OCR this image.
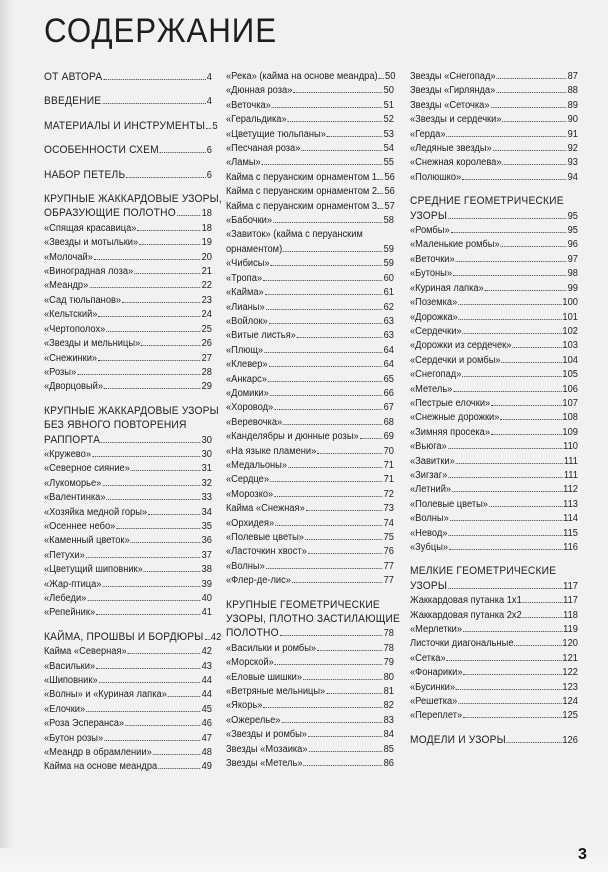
СОДЕРЖАНИЕ
ОТ АВТОРА	4
ВВЕДЕНИЕ	4
МАТЕРИАЛЫ И ИНСТРУМЕНТЫ 5
ОСОБЕННОСТИ СХЕМ	6
НАБОР ПЕТЕЛЬ	6
КРУПНЫЕ ЖАККАРДОВЫЕ УЗОРЫ,
ОБРАЗУЮЩИЕ ПОЛОТНО	18
«Спящая красавица»	18
«Звезды и мотыльки»	19
«Молочай»	20
«Виноградная лоза»	21
«Меандр»	22
«Сад тюльпанов»	23
«Кельтский»	24
«Чертополох»	25
«Звезды и мельницы»	26
«Снежинки»	27
«Розы»	28
«Дворцовый»	29
КРУПНЫЕ ЖАККАРДОВЫЕ УЗОРЫ
БЕЗ ЯВНОГО ПОВТОРЕНИЯ
РАППОРТА	30
«Кружево»	30
«Северное сияние»	31
«Лукоморье»	32
«Валентинка»	33
«Хозяйка медной горы»	34
«Осеннее небо»	35
«Каменный цветок»	36
«Петухи»	37
«Цветущий шиповник»	38
«Жар-птица»	39
«Лебеди»	40
«Репейник»	41
КАЙМА, ПРОШВЫ И БОРДЮРЫ 42
Кайма «Северная»	42
«Васильки»	43
«Шиповник»	44
«Волны» и «Куриная лапка»	44
«Елочки»	45
«Роза Эсперанса»	46
«Бутон розы»	47
«Меандр в обрамлении»	48
Кайма на основе меандра	49
«Река» (кайма на основе меандра) 50
«Дюнная роза»	50
«Веточка»	51
«Геральдика»	52
«Цветущие тюльпаны»	53
«Песчаная роза»	54
«Ламы»	55
Кайма с перуанским орнаментом 1 56
Кайма с перуанским орнаментом 2 56
Кайма с перуанским орнаментом 3 57
«Бабочки»	58
«Завиток» (кайма с перуанским
орнаментом)	59
«Чибисы»	59
«Тропа»	60
«Кайма»	61
«Лианы»	62
«Войлок»	63
«Витые листья»	63
«Плющ»	64
«Клевер»	64
«Анкарс»	65
«Домики»	66
«Хоровод»	67
«Веревочка»	68
«Канделябры и дюнные розы» 69
«На языке пламени»	70
«Медальоны»	71
«Сердце»	71
«Морозко»	72
Кайма «Снежная»	73
«Орхидея»	74
«Полевые цветы»	75
«Ласточкин хвост»	76
«Волны»	77
«Флер-де-лис»	77
КРУПНЫЕ ГЕОМЕТРИЧЕСКИЕ
УЗОРЫ, ПЛОТНО ЗАСТИЛАЮЩИЕ
ПОЛОТНО	78
«Васильки и ромбы»	78
«Морской»	79
«Еловые шишки»	80
«Ветряные мельницы»	81
«Якорь»	82
«Ожерелье»	83
«Звезды и ромбы»	84
Звезды «Мозаика»	85
Звезды «Метель»	86
Звезды «Снегопад»	87
Звезды «Гирлянда»	88
Звезды «Сеточка»	89
«Звезды и сердечки»	90
«Герда»	91
«Ледяные звезды»	92
«Снежная королева»	93
«Полюшко»	94
СРЕДНИЕ ГЕОМЕТРИЧЕСКИЕ
УЗОРЫ	95
«Ромбы»	95
«Маленькие ромбы»	96
«Веточки»	97
«Бутоны»	98
«Куриная лапка»	99
«Поземка»	100
«Дорожка»	101
«Сердечки»	102
«Дорожки из сердечек»	103
«Сердечки и ромбы»	104
«Снегопад»	105
«Метель»	106
«Пестрые елочки»	107
«Снежные дорожки»	108
«Зимняя просека»	109
«Вьюга»	110
«Завитки»	111
«Зигзаг»	111
«Летний»	112
«Полевые цветы»	113
«Волны»	114
«Невод»	115
«Зубцы»	116
МЕЛКИЕ ГЕОМЕТРИЧЕСКИЕ
УЗОРЫ	117
Жаккардовая путанка 1x1	117
Жаккардовая путанка 2x2	118
«Мерлетки»	119
Листочки диагональные	120
«Сетка»	121
«Фонарики»	122
«Бусинки»	123
«Решетка»	124
«Переплет»	125
МОДЕЛИ И УЗОРЫ	126
3
